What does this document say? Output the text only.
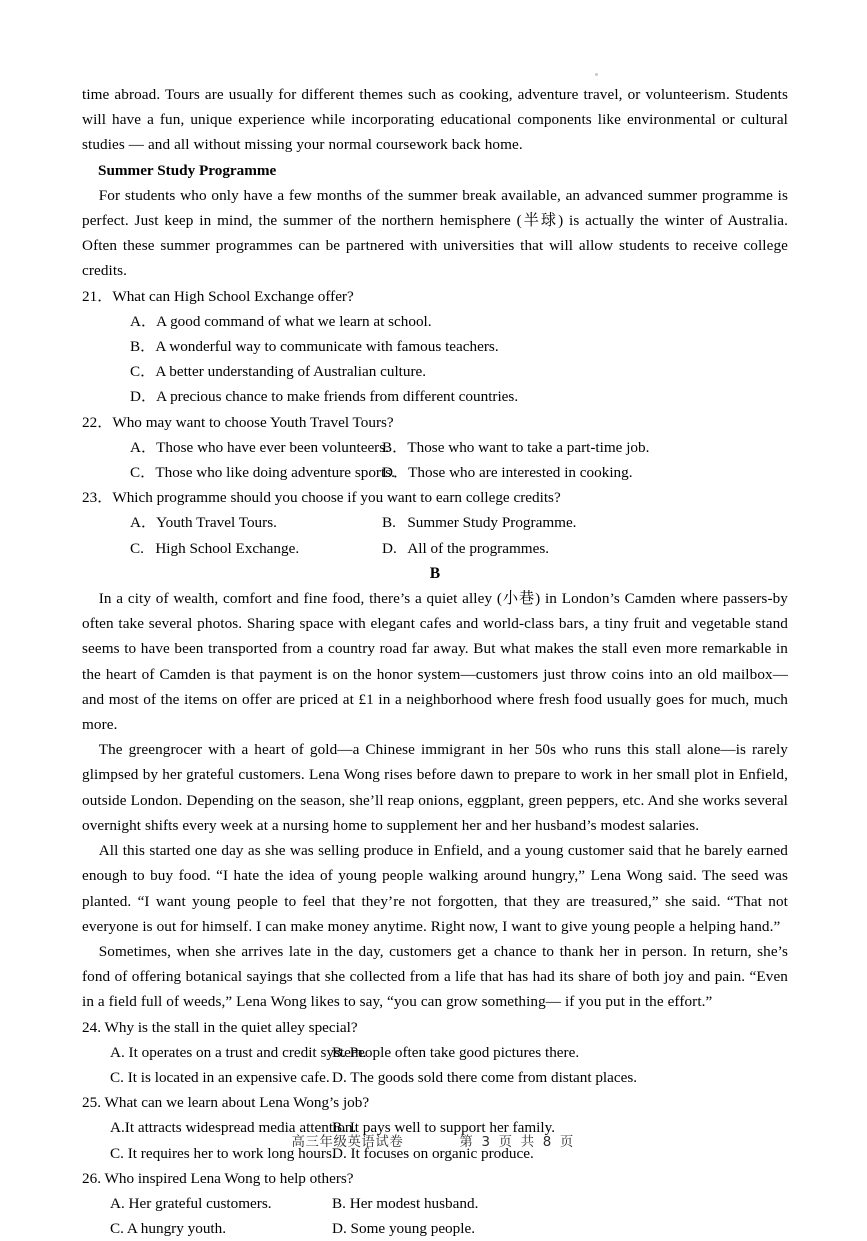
time abroad. Tours are usually for different themes such as cooking, adventure travel, or volunteerism. Students will have a fun, unique experience while incorporating educational components like environmental or cultural studies — and all without missing your normal coursework back home.

Summer Study Programme

For students who only have a few months of the summer break available, an advanced summer programme is perfect. Just keep in mind, the summer of the northern hemisphere (半球) is actually the winter of Australia. Often these summer programmes can be partnered with universities that will allow students to receive college credits.

21．What can High School Exchange offer?
A．A good command of what we learn at school.
B．A wonderful way to communicate with famous teachers.
C．A better understanding of Australian culture.
D．A precious chance to make friends from different countries.
22．Who may want to choose Youth Travel Tours?
A．Those who have ever been volunteers.
B．Those who want to take a part-time job.
C．Those who like doing adventure sports.
D．Those who are interested in cooking.
23．Which programme should you choose if you want to earn college credits?
A．Youth Travel Tours.	B.   Summer Study Programme.
C.   High School Exchange.	D.   All of the programmes.
B

In a city of wealth, comfort and fine food, there’s a quiet alley (小巷) in London’s Camden where passers-by often take several photos. Sharing space with elegant cafes and world-class bars, a tiny fruit and vegetable stand seems to have been transported from a country road far away. But what makes the stall even more remarkable in the heart of Camden is that payment is on the honor system—customers just throw coins into an old mailbox—and most of the items on offer are priced at £1 in a neighborhood where fresh food usually goes for much, much more.

The greengrocer with a heart of gold—a Chinese immigrant in her 50s who runs this stall alone—is rarely glimpsed by her grateful customers. Lena Wong rises before dawn to prepare to work in her small plot in Enfield, outside London. Depending on the season, she’ll reap onions, eggplant, green peppers, etc. And she works several overnight shifts every week at a nursing home to supplement her and her husband’s modest salaries.

All this started one day as she was selling produce in Enfield, and a young customer said that he barely earned enough to buy food. “I hate the idea of young people walking around hungry,” Lena Wong said. The seed was planted. “I want young people to feel that they’re not forgotten, that they are treasured,” she said. “That not everyone is out for himself. I can make money anytime. Right now, I want to give young people a helping hand.”

Sometimes, when she arrives late in the day, customers get a chance to thank her in person. In return, she’s fond of offering botanical sayings that she collected from a life that has had its share of both joy and pain. “Even in a field full of weeds,” Lena Wong likes to say, “you can grow something— if you put in the effort.”

24. Why is the stall in the quiet alley special?
A. It operates on a trust and credit system.
B. People often take good pictures there.
C. It is located in an expensive cafe. D. The goods sold there come from distant places.
25. What can we learn about Lena Wong’s job?
A.It attracts widespread media attention.
B. It pays well to support her family.
C. It requires her to work long hours.
D. It focuses on organic produce.
26. Who inspired Lena Wong to help others?
A. Her grateful customers.	B. Her modest husband.
C. A hungry youth.	D. Some young people.
高三年级英语试卷	第 3 页 共 8 页
